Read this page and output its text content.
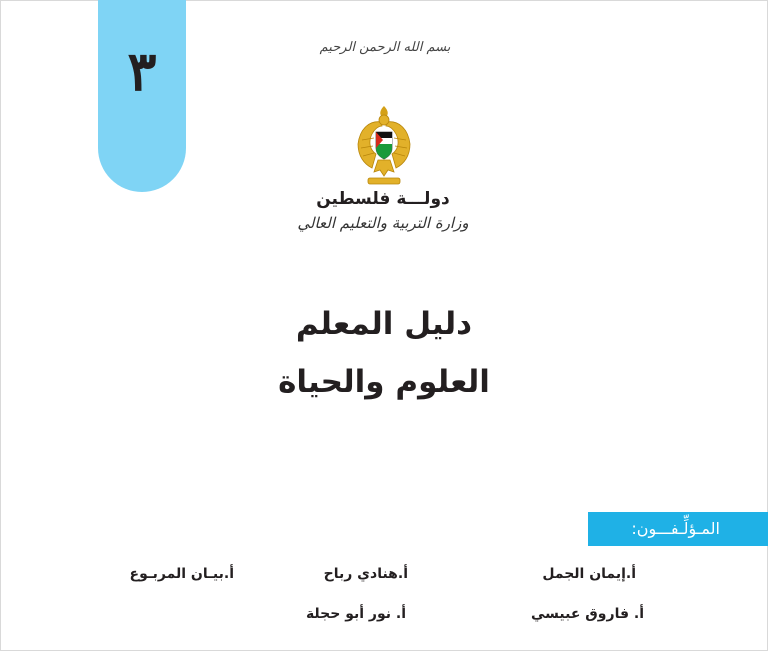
٣	بسم الله الرحمن الرحيم
دولـــة فلسطين
وزارة التربية والتعليم العالي
دليل المعلم
العلوم والحياة
المـؤلِّـفـــون:
أ.إيمان الجمل
أ.هنادي رباح
أ.بيـان المربـوع
أ. فاروق عبيسي
أ. نور أبو حجلة
